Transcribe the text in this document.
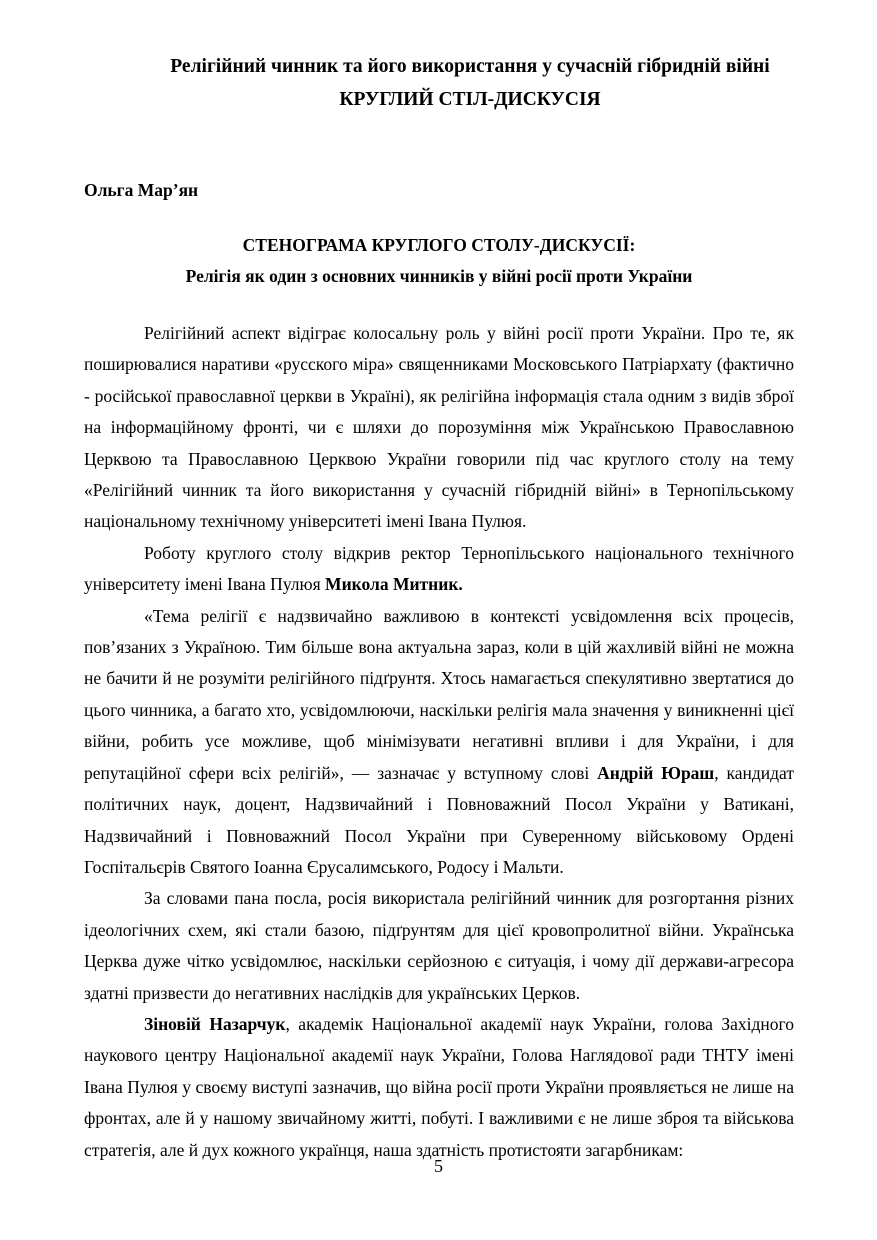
Релігійний чинник та його використання у сучасній гібридній війні
КРУГЛИЙ СТІЛ-ДИСКУСІЯ

Ольга Мар’ян

СТЕНОГРАМА КРУГЛОГО СТОЛУ-ДИСКУСІЇ:
Релігія як один з основних чинників у війні росії проти України

Релігійний аспект відіграє колосальну роль у війні росії проти України. Про те, як поширювалися наративи «русского міра» священниками Московського Патріархату (фактично - російської православної церкви в Україні), як релігійна інформація стала одним з видів зброї на інформаційному фронті, чи є шляхи до порозуміння між Українською Православною Церквою та Православною Церквою України говорили під час круглого столу на тему «Релігійний чинник та його використання у сучасній гібридній війні» в Тернопільському національному технічному університеті імені Івана Пулюя.

Роботу круглого столу відкрив ректор Тернопільського національного технічного університету імені Івана Пулюя Микола Митник.

«Тема релігії є надзвичайно важливою в контексті усвідомлення всіх процесів, пов’язаних з Україною. Тим більше вона актуальна зараз, коли в цій жахливій війні не можна не бачити й не розуміти релігійного підґрунтя. Хтось намагається спекулятивно звертатися до цього чинника, а багато хто, усвідомлюючи, наскільки релігія мала значення у виникненні цієї війни, робить усе можливе, щоб мінімізувати негативні впливи і для України, і для репутаційної сфери всіх релігій», — зазначає у вступному слові Андрій Юраш, кандидат політичних наук, доцент, Надзвичайний і Повноважний Посол України у Ватикані, Надзвичайний і Повноважний Посол України при Суверенному військовому Ордені Госпітальєрів Святого Іоанна Єрусалимського, Родосу і Мальти.

За словами пана посла, росія використала релігійний чинник для розгортання різних ідеологічних схем, які стали базою, підґрунтям для цієї кровопролитної війни. Українська Церква дуже чітко усвідомлює, наскільки серйозною є ситуація, і чому дії держави-агресора здатні призвести до негативних наслідків для українських Церков.

Зіновій Назарчук, академік Національної академії наук України, голова Західного наукового центру Національної академії наук України, Голова Наглядової ради ТНТУ імені Івана Пулюя у своєму виступі зазначив, що війна росії проти України проявляється не лише на фронтах, але й у нашому звичайному житті, побуті. І важливими є не лише зброя та військова стратегія, але й дух кожного українця, наша здатність протистояти загарбникам:

5
